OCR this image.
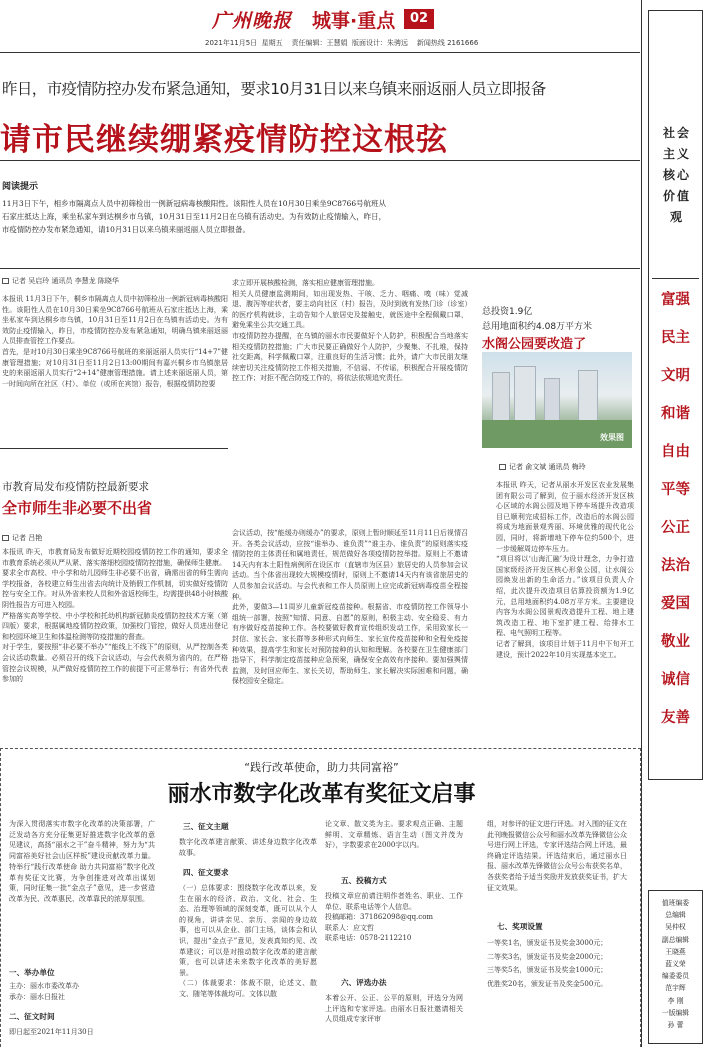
广州晚报 城事·重点	02
2021年11月5日  星期五    责任编辑：王慧娟  版面设计：朱骋远    新闻热线 2161666
昨日，市疫情防控办发布紧急通知，要求10月31日以来乌镇来丽返丽人员立即报备
请市民继续绷紧疫情防控这根弦
阅读提示
11月3日下午，相乡市隔离点人员中初筛检出一例新冠病毒核酸阳性。该阳性人员在10月30日乘坐9C8766号航班从石家庄抵达上海，乘坐私家车到达桐乡市乌镇，10月31日至11月2日在乌镇有活动史。为有效防止疫情输入，昨日，市疫情防控办发布紧急通知，请10月31日以来乌镇来丽返丽人员立即报备。
记者 吴启玲 通讯员 李慧龙 陈晓华
本报讯 11月3日下午，桐乡市隔离点人员中初筛检出一例新冠病毒核酸阳性。该阳性人员在10月30日乘坐9C8766号航班从石家庄抵达上海，乘坐私家车到达桐乡市乌镇，10月31日至11月2日在乌镇有活动史。为有效防止疫情输入，昨日，市疫情防控办发布紧急通知，明确乌镇来丽返丽人员排查管控工作要点。
首先，是对10月30日乘坐9C8766号航班的来丽返丽人员实行“14+7”健康管理措施；对10月31日至11月2日13:00期间有嘉兴桐乡市乌镇旅居史的来丽返丽人员实行“2+14”健康管理措施。请上述来丽返丽人员，第一时间向所在社区（村）、单位（或所在宾馆）报告，根据疫情防控要
求立即开展核酸检测，落实相应健康管理措施。
相关人员健康监测期间，如出现发热、干咳、乏力、咽痛、嗅（味）觉减退、腹泻等症状者，要主动向社区（村）报告，及时到就有发热门诊（诊室）的医疗机构就诊，主动告知个人旅居史及接触史，就医途中全程佩戴口罩，避免乘坐公共交通工具。
市疫情防控办提醒，在乌镇的丽水市民要做好个人防护，积极配合当地落实相关疫情防控措施；广大市民要正确做好个人防护，少聚集、不扎堆，保持社交距离，科学佩戴口罩，注重良好的生活习惯；此外，请广大市民朋友继续密切关注疫情防控工作相关措施，不信谣、不传谣，积极配合开展疫情防控工作；对拒不配合防疫工作的，将依法依规追究责任。
总投资1.9亿
总用地面积约4.08万平方米
水阁公园要改造了
效果图
记者 俞文斌 通讯员 梅玲
本报讯 昨天，记者从丽水开发区农业发展集团有限公司了解到，位于丽水经济开发区核心区域的水阁公园及地下停车场提升改造项目已顺利完成招标工作，改造后的水阁公园将成为地面景观秀丽、环境优雅的现代化公园，同时，将新增地下停车位约500个，进一步缓解周边停车压力。
“项目将以‘山海汇融’为设计理念，力争打造国家级经济开发区核心形象公园，让水阁公园焕发出新的生命活力。”该项目负责人介绍，此次提升改造项目估算投资额为1.9亿元，总用地面积约4.08万平方米。主要建设内容为水阁公园景观改造提升工程、地上建筑改造工程、地下室扩建工程、给排水工程、电气照明工程等。
记者了解到，该项目计划于11月中下旬开工建设，预计2022年10月实现基本完工。
市教育局发布疫情防控最新要求
全市师生非必要不出省
记者 吕艳
本报讯 昨天，市教育局发布做好近期校园疫情防控工作的通知，要求全市教育系统必须从严从紧、落实落细校园疫情防控措施，确保师生健康。
要求全市高校、中小学和幼儿园师生非必要不出省，确需出省的师生需向学校报备，各校建立师生出省去向统计及销假工作机制，切实做好疫情防控与安全工作。对从外省来校人员和外省返校师生，均需提供48小时核酸阴性报告方可进入校园。
严格落实高等学校、中小学校和托幼机构新冠肺炎疫情防控技术方案（第四版）要求，根据属地疫情防控政策，加强校门管控，做好人员进出登记和校园环境卫生和体温检测等防疫措施的督查。
对于学生，要按照“非必要不举办”“能线上不线下”的原则，从严控制各类会议活动数量。必须召开的线下会议活动，与会代表须为省内的，在严格管控会议规模，从严做好疫情防控工作的前提下可正常举行；有省外代表参加的
会议活动，按“能缓办则缓办”的要求，原则上暂时顺延至11月11日后视情召开。各类会议活动，应按“谁举办、谁负责”“谁主办、谁负责”的原则落实疫情防控的主体责任和属地责任，规范做好各项疫情防控举措。原则上不邀请14天内有本土阳性病例所在设区市（直辖市为区县）旅居史的人员参加会议活动。当个体省出现较大规模疫情时，原则上不邀请14天内有该省旅居史的人员参加会议活动。与会代表和工作人员原则上应完成新冠病毒疫苗全程接种。
此外，要做3—11周岁儿童新冠疫苗接种。根据省、市疫情防控工作领导小组统一部署，按照“知情、同意、自愿”的原则，积极主动、安全稳妥、有力有序做好疫苗接种工作。各校要做好教育宣传组织发动工作，采用致家长一封信、家长会、家长群等多种形式向师生、家长宣传疫苗接种和全程免疫接种效果，提高学生和家长对预防接种的认知和理解。各校要在卫生健康部门指导下，科学制定疫苗接种应急预案，确保安全高效有序接种。要加强舆情监测，及时回应师生、家长关切，帮助师生、家长解决实际困难和问题，确保校园安全稳定。
“践行改革使命，助力共同富裕”
丽水市数字化改革有奖征文启事
为深入贯彻落实市数字化改革的决策部署，广泛发动各方充分征集更好推进数字化改革的意见建议，高扬“丽水之干”奋斗精神，努力为“共同富裕美好社会山区样板”建设贡献改革力量。特举行“践行改革使命 助力共同富裕”数字化改革有奖征文比赛，为争创推进对改革出谋划策，同时征集一批“金点子”意见，进一步营造改革为民、改革惠民、改革靠民的浓厚氛围。
一、举办单位
主办：丽水市委改革办
承办：丽水日报社
二、征文时间
即日起至2021年11月30日
三、征文主题
数字化改革建言献策、讲述身边数字化改革故事。
四、征文要求
（一）总体要求：围绕数字化改革以来，发生在丽水的经济、政治、文化、社会、生态、治理等领域的深刻变革，既可以从个人的视角，讲讲亲见、亲历、亲闻的身边故事，也可以从企业、部门主场，谈体会和认识，提出“金点子”意见，发表真知灼见、改革建议；可以是对推动数字化改革的建言献策，也可以讲述未来数字化改革的美好愿景。
（二）体裁要求：体裁不限，论述文、散文、随笔等体裁均可。文体以散
论文章、散文类为主。要求观点正确、主题鲜明、文章精炼、语言生动（图文并茂为好），字数要求在2000字以内。
五、投稿方式
投稿文章应前请注明作者姓名、职业、工作单位、联系电话等个人信息。
投稿邮箱：371862098@qq.com
联系人：应文哲
联系电话：0578-2112210
六、评选办法
本着公开、公正、公平的原则，评选分为网上评选和专家评选。由丽水日报社邀请相关人员组成专家评审
组，对参评的征文进行评选。对入围的征文在此刊晚报微信公众号和丽水改革先锋微信公众号进行网上评选，专家评选结合网上评选，最终确定评选结果。评选结束后，通过丽水日报、丽水改革先锋微信公众号公布获奖名单，各获奖者给予适当奖励并发放获奖证书，扩大征文效果。
七、奖项设置
一等奖1名，颁发证书及奖金3000元；
二等奖3名，颁发证书及奖金2000元；
三等奖5名，颁发证书及奖金1000元；
优胜奖20名，颁发证书及奖金500元。
社会主义核心价值观
富强
民主
文明
和谐
自由
平等
公正
法治
爱国
敬业
诚信
友善
值班编委
总编辑
吴仲权
副总编辑
王晓燕
蓝义荣
编委委员
范宇辉
李 刚
一版编辑
孙 蕾
